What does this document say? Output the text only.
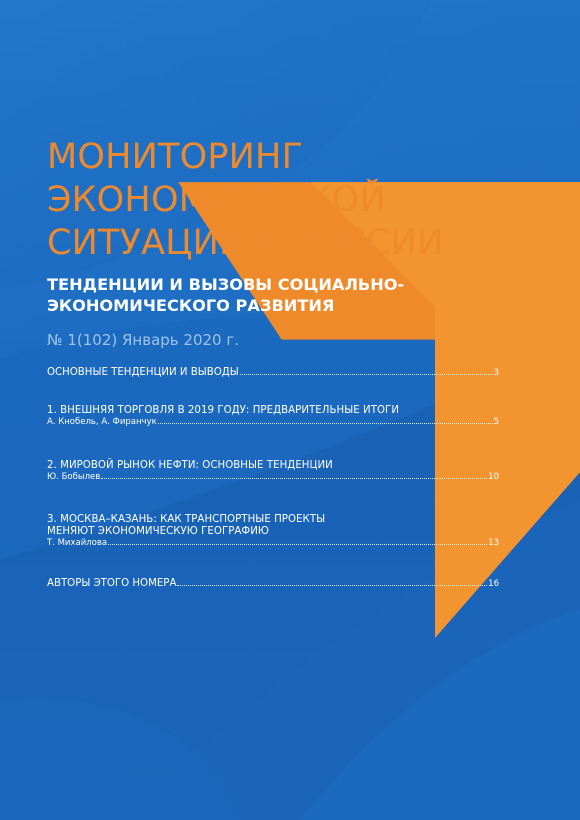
МОНИТОРИНГ
ЭКОНОМИЧЕСКОЙ
СИТУАЦИИ В РОССИИ
ТЕНДЕНЦИИ И ВЫЗОВЫ СОЦИАЛЬНО-
ЭКОНОМИЧЕСКОГО РАЗВИТИЯ
№ 1(102) Январь 2020 г.
ОСНОВНЫЕ ТЕНДЕНЦИИ И ВЫВОДЫ	3
1. ВНЕШНЯЯ ТОРГОВЛЯ В 2019 ГОДУ: ПРЕДВАРИТЕЛЬНЫЕ ИТОГИ
А. Кнобель, А. Фиранчук	5
2. МИРОВОЙ РЫНОК НЕФТИ: ОСНОВНЫЕ ТЕНДЕНЦИИ
Ю. Бобылев	10
3. МОСКВА–КАЗАНЬ: КАК ТРАНСПОРТНЫЕ ПРОЕКТЫ
МЕНЯЮТ ЭКОНОМИЧЕСКУЮ ГЕОГРАФИЮ
Т. Михайлова	13
АВТОРЫ ЭТОГО НОМЕРА	16
